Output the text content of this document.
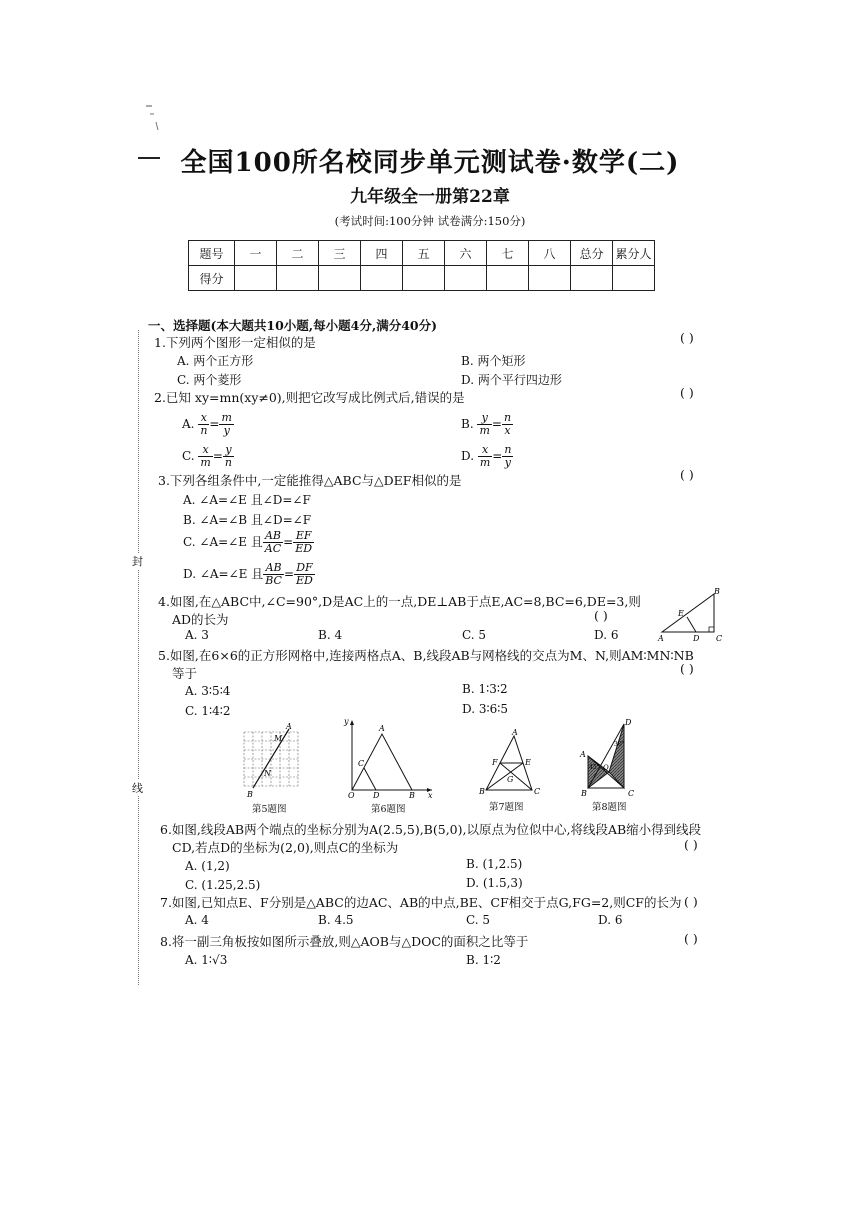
全国100所名校同步单元测试卷·数学(二)
九年级全一册第22章
(考试时间:100分钟 试卷满分:150分)
题号	一	二	三	四	五	六	七	八	总分	累分人
得分										
封
线
一、选择题(本大题共10小题,每小题4分,满分40分)
1.下列两个图形一定相似的是	( )
A. 两个正方形	B. 两个矩形
C. 两个菱形	D. 两个平行四边形
2.已知 xy=mn(xy≠0),则把它改写成比例式后,错误的是	( )
A. $\frac{x}{n} = \frac{m}{y}$	B. $\frac{y}{m} = \frac{n}{x}$
C. $\frac{x}{m} = \frac{y}{n}$	D. $\frac{x}{m} = \frac{n}{y}$
3.下列各组条件中,一定能推得△ABC与△DEF相似的是	( )
A. ∠A=∠E 且∠D=∠F
B. ∠A=∠B 且∠D=∠F
C. ∠A=∠E 且 $\frac{AB}{AC} = \frac{EF}{ED}$
D. ∠A=∠E 且 $\frac{AB}{BC} = \frac{DF}{ED}$
4.如图,在△ABC中,∠C=90°,D是AC上的一点,DE⊥AB于点E,AC=8,BC=6,DE=3,则
AD的长为	( )
A. 3	B. 4	C. 5	D. 6
B
E
A	D C
5.如图,在6×6的正方形网格中,连接两格点A、B,线段AB与网格线的交点为M、N,则AM∶MN∶NB
等于	( )
A. 3∶5∶4	B. 1∶3∶2
C. 1∶4∶2	D. 3∶6∶5
A
M
N
B
第5题图
y
A
C
O D	B x
第6题图
A
F	E
G
B	C
第7题图
D
A
30°
45° O
B	C
第8题图
6.如图,线段AB两个端点的坐标分别为A(2.5,5),B(5,0),以原点为位似中心,将线段AB缩小得到线段
CD,若点D的坐标为(2,0),则点C的坐标为	( )
A. (1,2)	B. (1,2.5)
C. (1.25,2.5)	D. (1.5,3)
7.如图,已知点E、F分别是△ABC的边AC、AB的中点,BE、CF相交于点G,FG=2,则CF的长为 ( )
A. 4	B. 4.5	C. 5	D. 6
8.将一副三角板按如图所示叠放,则△AOB与△DOC的面积之比等于	( )
A. 1∶√3	B. 1∶2
